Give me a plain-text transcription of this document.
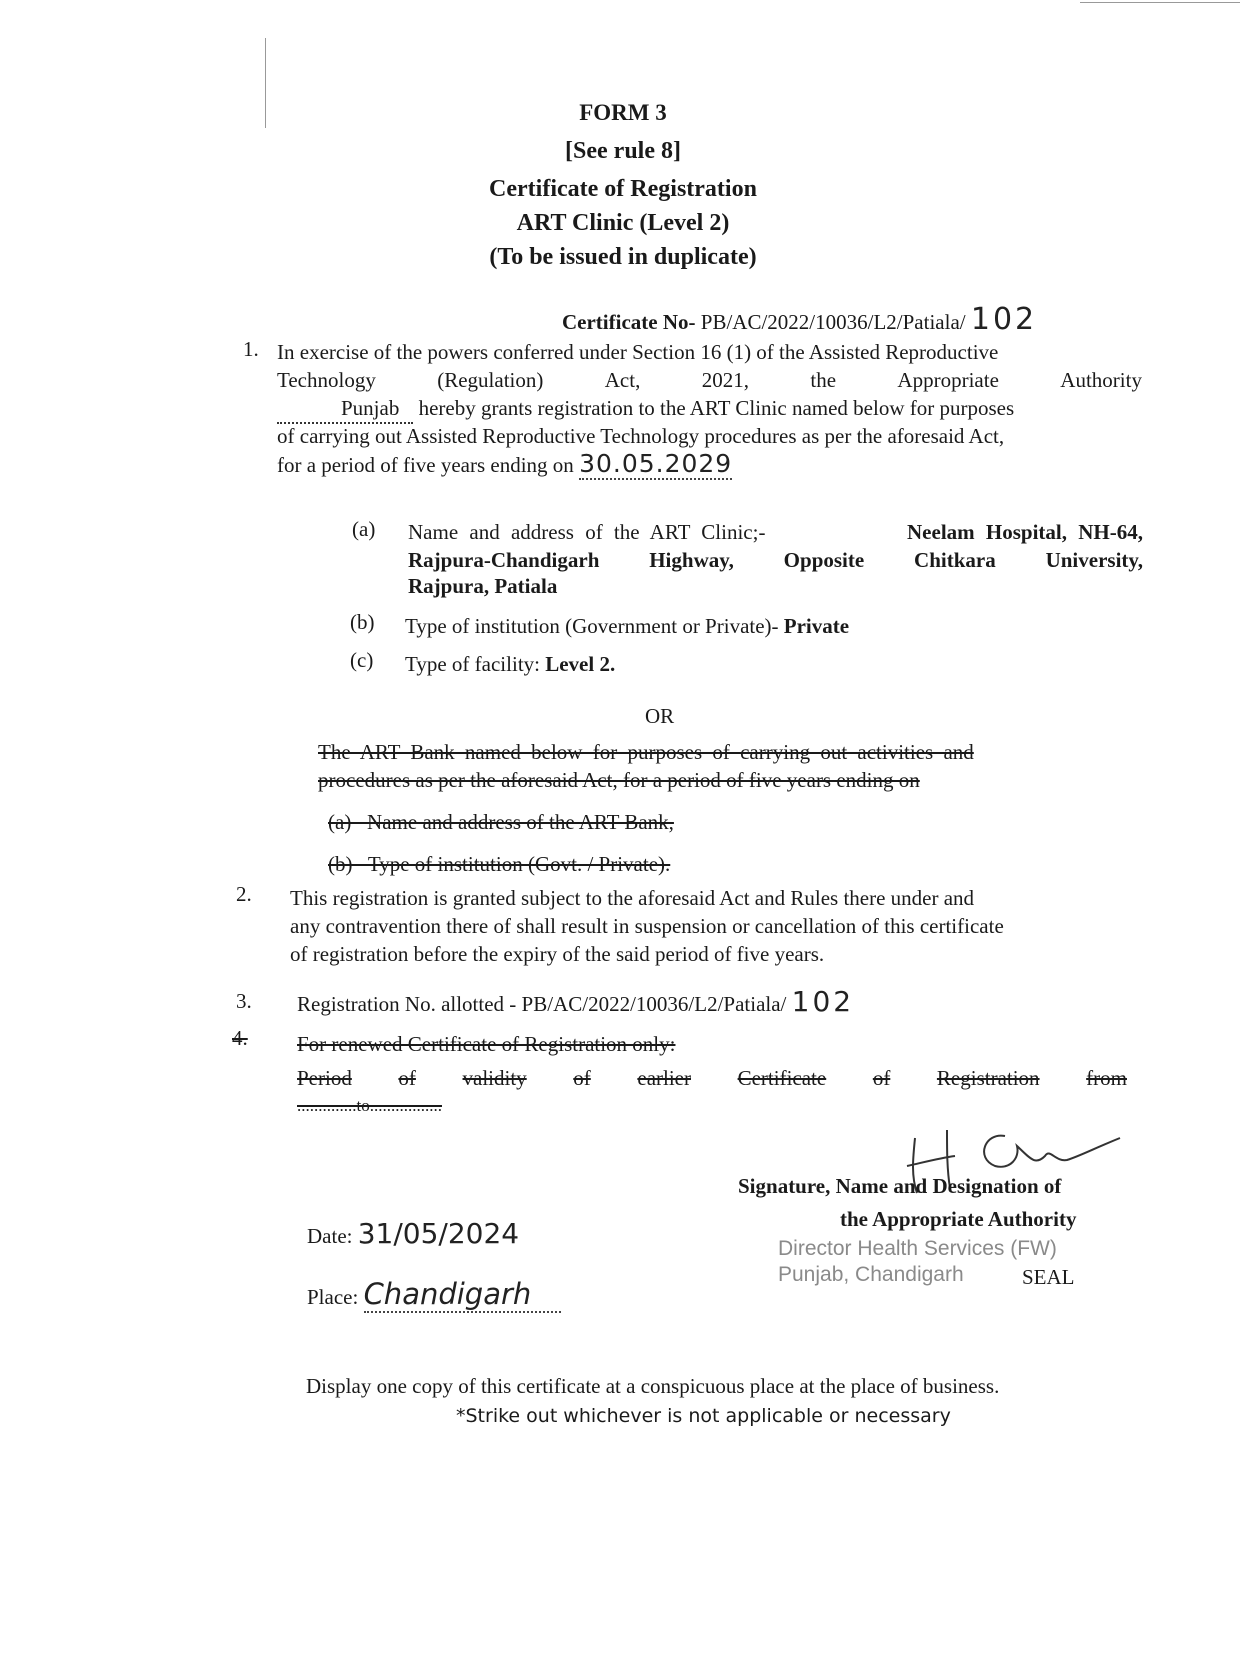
FORM 3
[See rule 8]
Certificate of Registration
ART Clinic (Level 2)
(To be issued in duplicate)
Certificate No- PB/AC/2022/10036/L2/Patiala/ 102
1. In exercise of the powers conferred under Section 16 (1) of the Assisted Reproductive
Technology	(Regulation)	Act,	2021,	the	Appropriate	Authority
Punjab hereby grants registration to the ART Clinic named below for purposes
of carrying out Assisted Reproductive Technology procedures as per the aforesaid Act,
for a period of five years ending on 30.05.2029
(a) Name and address of the ART Clinic;-	Neelam Hospital, NH-64,
Rajpura-Chandigarh Highway, Opposite Chitkara University,
Rajpura, Patiala
(b) Type of institution (Government or Private)- Private
(c) Type of facility: Level 2.
OR
The ART Bank named below for purposes of carrying out activities and
procedures as per the aforesaid Act, for a period of five years ending on
(a)   Name and address of the ART Bank,
(b)   Type of institution (Govt. / Private).
2. This registration is granted subject to the aforesaid Act and Rules there under and
any contravention there of shall result in suspension or cancellation of this certificate
of registration before the expiry of the said period of five years.
3. Registration No. allotted - PB/AC/2022/10036/L2/Patiala/ 102
4. For renewed Certificate of Registration only:
Period of validity of earlier Certificate of Registration from
..............to.................
Signature, Name and Designation of
the Appropriate Authority
Director Health Services (FW)
Punjab, Chandigarh	SEAL
Date: 31/05/2024
Place: Chandigarh
Display one copy of this certificate at a conspicuous place at the place of business.
*Strike out whichever is not applicable or necessary
